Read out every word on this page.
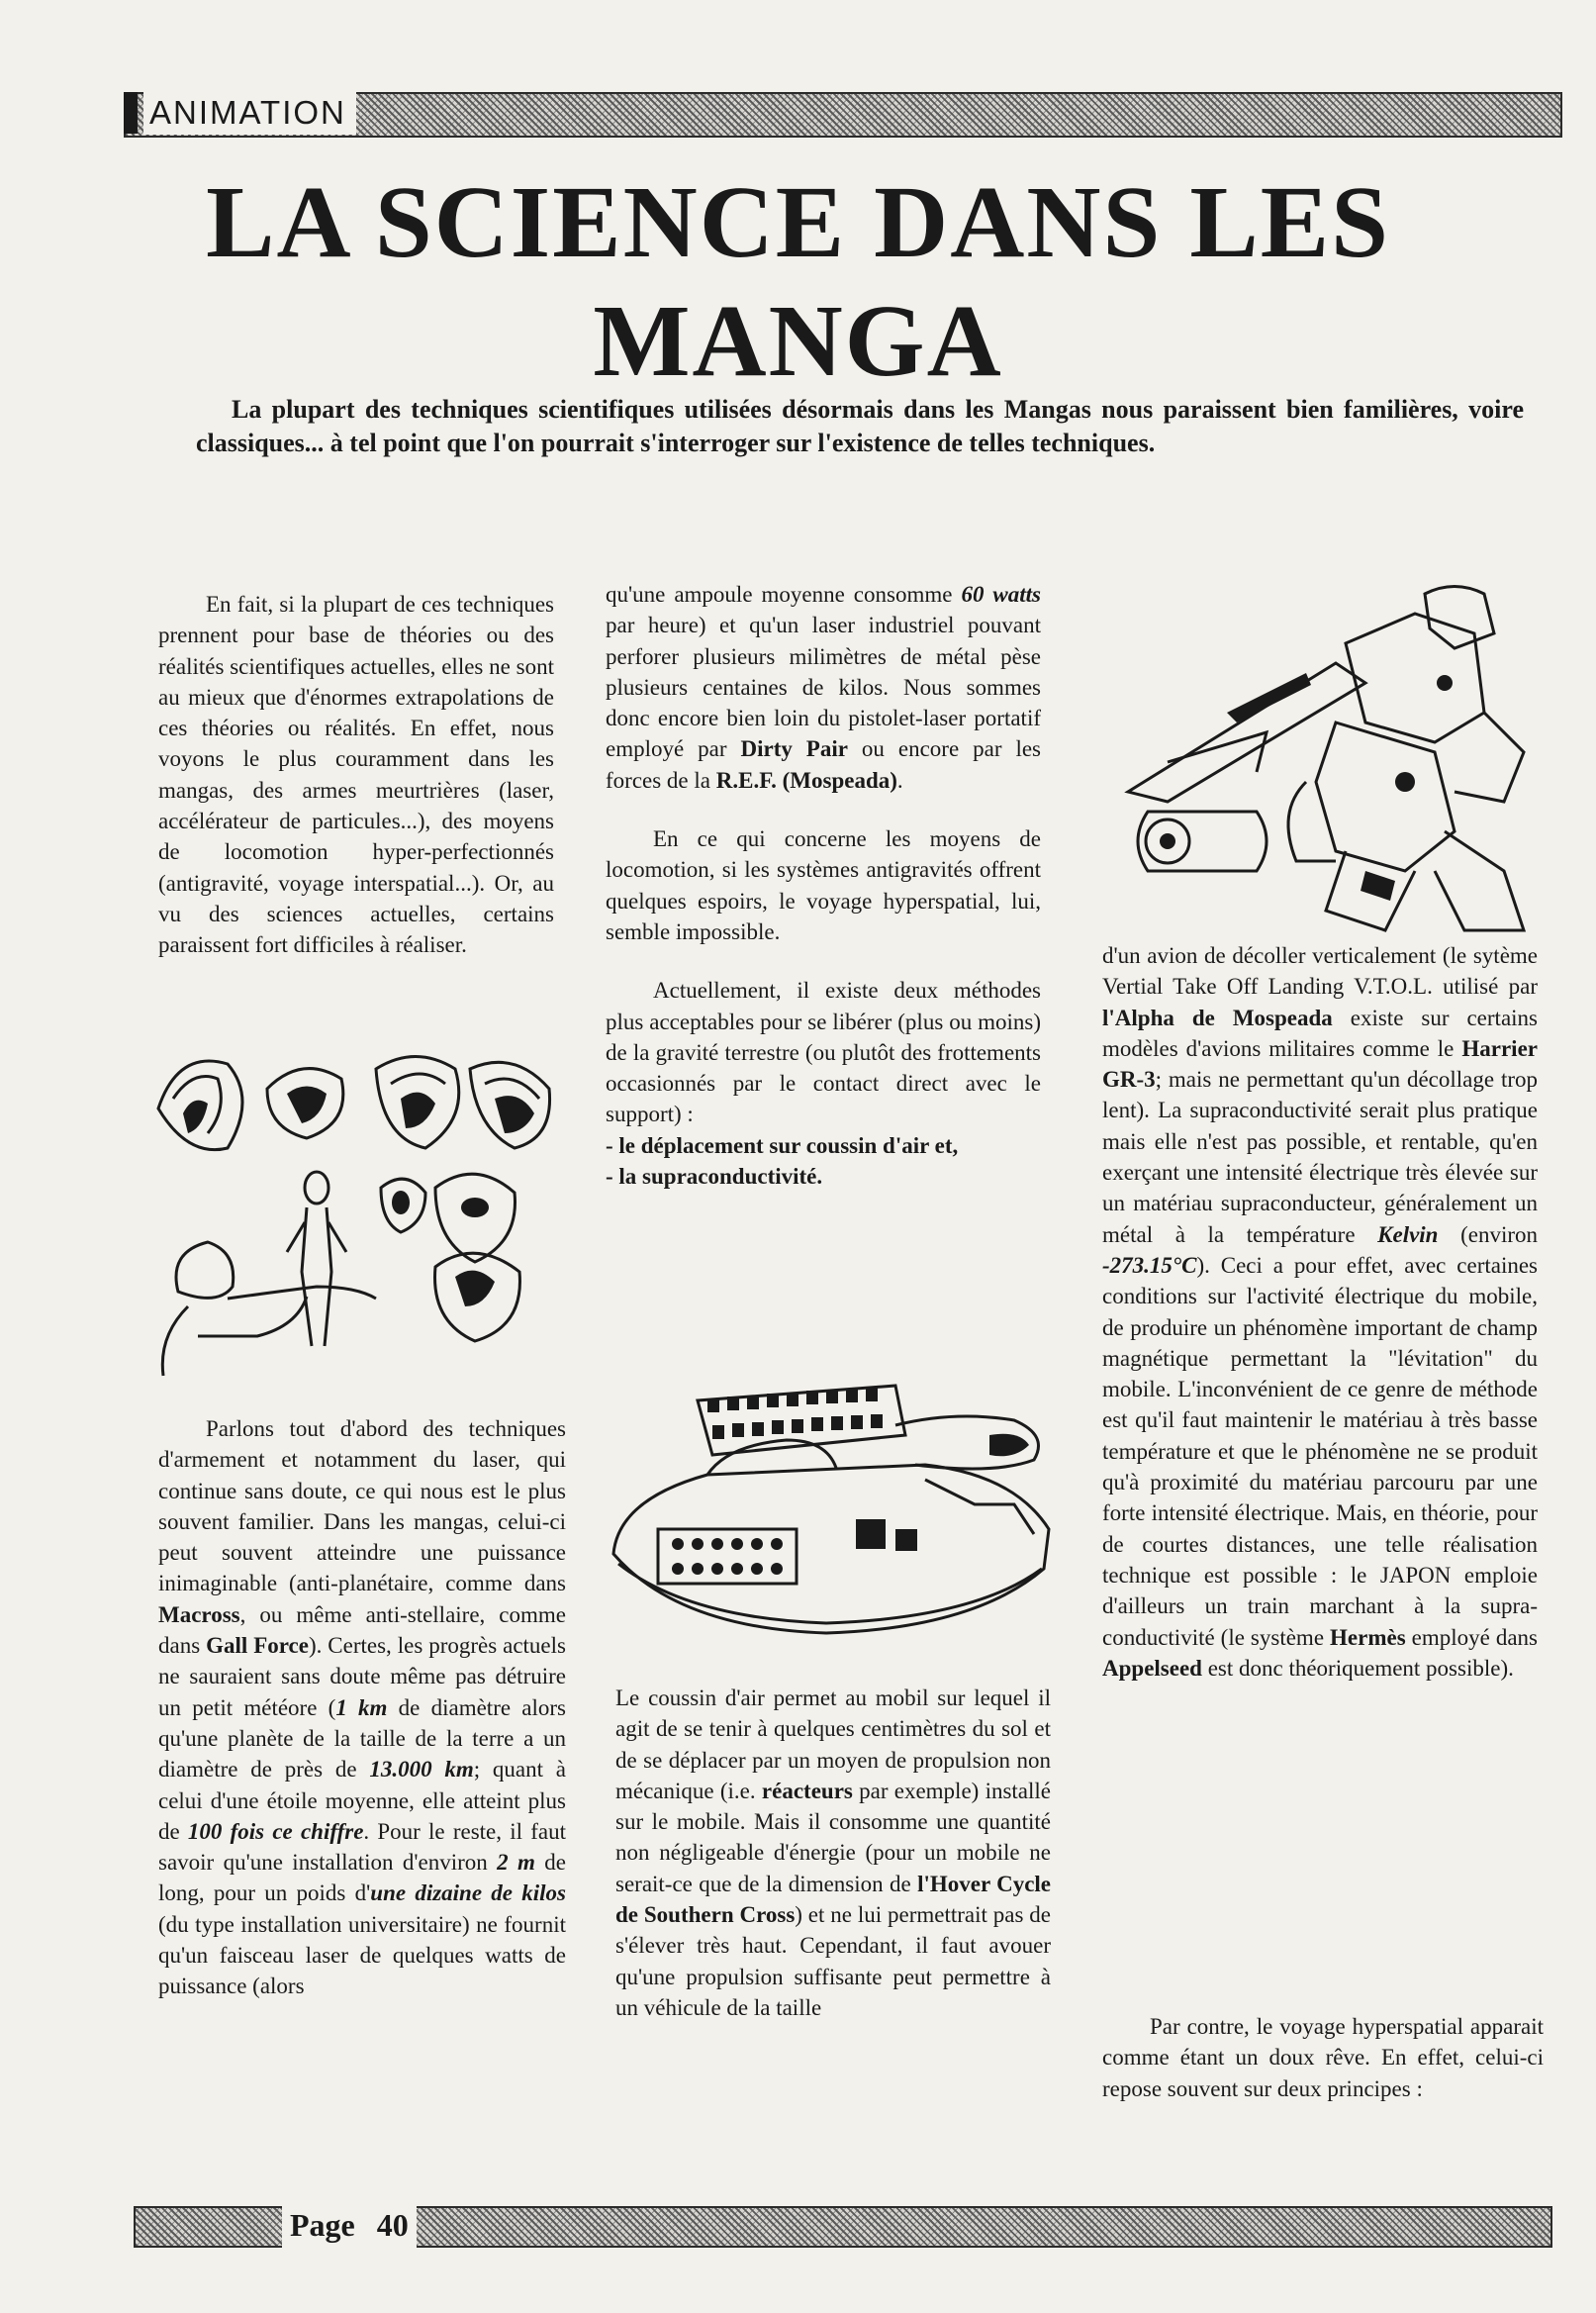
ANIMATION
LA SCIENCE DANS LES MANGA

La plupart des techniques scientifiques utilisées désormais dans les Mangas nous paraissent bien familières, voire classiques... à tel point que l'on pourrait s'interroger sur l'existence de telles techniques.

En fait, si la plupart de ces techniques prennent pour base de théories ou des réalités scientifiques actuelles, elles ne sont au mieux que d'énormes extrapolations de ces théories ou réalités. En effet, nous voyons le plus couramment dans les mangas, des armes meurtrières (laser, accélérateur de particules...), des moyens de locomotion hyper-perfectionnés (antigravité, voyage interspatial...). Or, au vu des sciences actuelles, certains paraissent fort difficiles à réaliser.

Parlons tout d'abord des techniques d'armement et notamment du laser, qui continue sans doute, ce qui nous est le plus souvent familier. Dans les mangas, celui-ci peut souvent atteindre une puissance inimaginable (anti-planétaire, comme dans Macross, ou même anti-stellaire, comme dans Gall Force). Certes, les progrès actuels ne sauraient sans doute même pas détruire un petit météore (1 km de diamètre alors qu'une planète de la taille de la terre a un diamètre de près de 13.000 km; quant à celui d'une étoile moyenne, elle atteint plus de 100 fois ce chiffre. Pour le reste, il faut savoir qu'une installation d'environ 2 m de long, pour un poids d'une dizaine de kilos (du type installation universitaire) ne fournit qu'un faisceau laser de quelques watts de puissance (alors

qu'une ampoule moyenne consomme 60 watts par heure) et qu'un laser industriel pouvant perforer plusieurs milimètres de métal pèse plusieurs centaines de kilos. Nous sommes donc encore bien loin du pistolet-laser portatif employé par Dirty Pair ou encore par les forces de la R.E.F. (Mospeada).

En ce qui concerne les moyens de locomotion, si les systèmes antigravités offrent quelques espoirs, le voyage hyperspatial, lui, semble impossible.

Actuellement, il existe deux méthodes plus acceptables pour se libérer (plus ou moins) de la gravité terrestre (ou plutôt des frottements occasionnés par le contact direct avec le support) :

- le déplacement sur coussin d'air et,

- la supraconductivité.

Le coussin d'air permet au mobil sur lequel il agit de se tenir à quelques centimètres du sol et de se déplacer par un moyen de propulsion non mécanique (i.e. réacteurs par exemple) installé sur le mobile. Mais il consomme une quantité non négligeable d'énergie (pour un mobile ne serait-ce que de la dimension de l'Hover Cycle de Southern Cross) et ne lui permettrait pas de s'élever très haut. Cependant, il faut avouer qu'une propulsion suffisante peut permettre à un véhicule de la taille

d'un avion de décoller verticalement (le sytème Vertial Take Off Landing V.T.O.L. utilisé par l'Alpha de Mospeada existe sur certains modèles d'avions militaires comme le Harrier GR-3; mais ne permettant qu'un décollage trop lent). La supraconductivité serait plus pratique mais elle n'est pas possible, et rentable, qu'en exerçant une intensité électrique très élevée sur un matériau supraconducteur, généralement un métal à la température Kelvin (environ -273.15°C). Ceci a pour effet, avec certaines conditions sur l'activité électrique du mobile, de produire un phénomène important de champ magnétique permettant la "lévitation" du mobile. L'inconvénient de ce genre de méthode est qu'il faut maintenir le matériau à très basse température et que le phénomène ne se produit qu'à proximité du matériau parcouru par une forte intensité électrique. Mais, en théorie, pour de courtes distances, une telle réalisation technique est possible : le JAPON emploie d'ailleurs un train marchant à la supra-conductivité (le système Hermès employé dans Appelseed est donc théoriquement possible).

Par contre, le voyage hyperspatial apparait comme étant un doux rêve. En effet, celui-ci repose souvent sur deux principes :

Page 40
